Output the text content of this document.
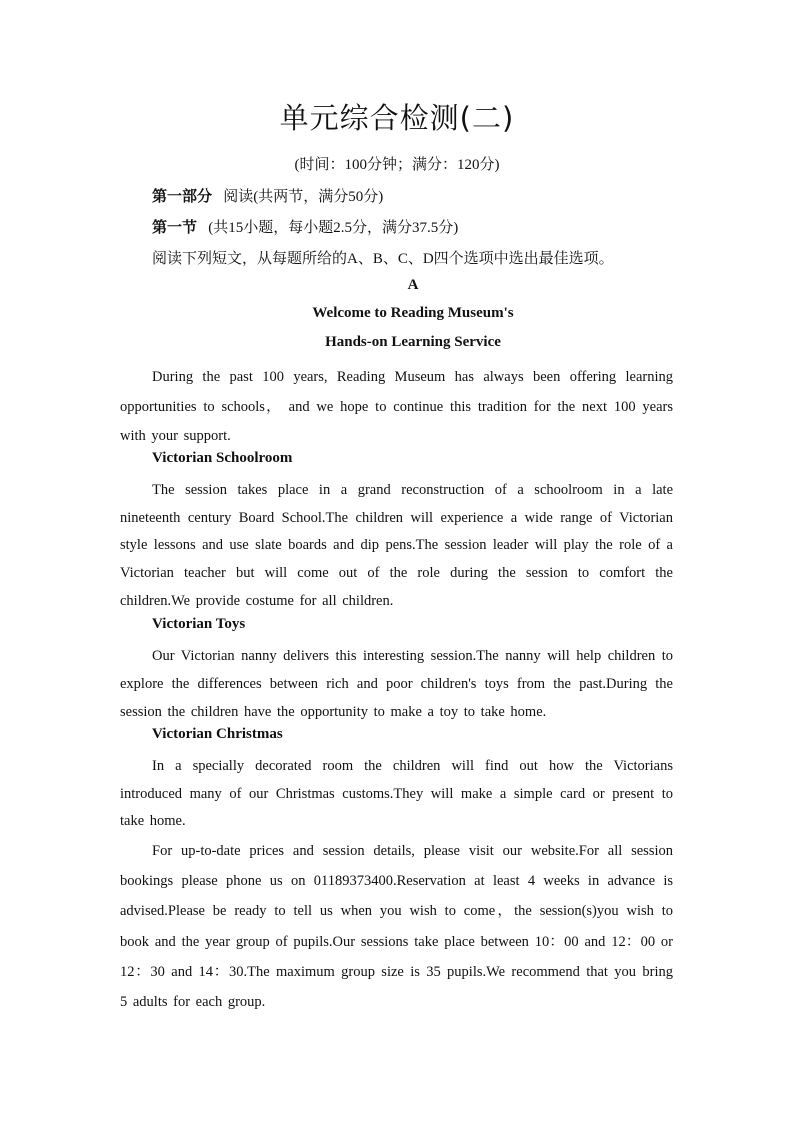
单元综合检测(二)
(时间：100分钟；满分：120分)
第一部分 阅读(共两节，满分50分)
第一节 (共15小题，每小题2.5分，满分37.5分)
阅读下列短文，从每题所给的A、B、C、D四个选项中选出最佳选项。
A
Welcome to Reading Museum's
Hands-on Learning Service
During the past 100 years, Reading Museum has always been offering learning opportunities to schools， and we hope to continue this tradition for the next 100 years with your support.
Victorian Schoolroom
The session takes place in a grand reconstruction of a schoolroom in a late nineteenth century Board School.The children will experience a wide range of Victorian style lessons and use slate boards and dip pens.The session leader will play the role of a Victorian teacher but will come out of the role during the session to comfort the children.We provide costume for all children.
Victorian Toys
Our Victorian nanny delivers this interesting session.The nanny will help children to explore the differences between rich and poor children's toys from the past.During the session the children have the opportunity to make a toy to take home.
Victorian Christmas
In a specially decorated room the children will find out how the Victorians introduced many of our Christmas customs.They will make a simple card or present to take home.
For up-to-date prices and session details, please visit our website.For all session bookings please phone us on 01189373400.Reservation at least 4 weeks in advance is advised.Please be ready to tell us when you wish to come，the session(s)you wish to book and the year group of pupils.Our sessions take place between 10：00 and 12：00 or 12：30 and 14：30.The maximum group size is 35 pupils.We recommend that you bring 5 adults for each group.
